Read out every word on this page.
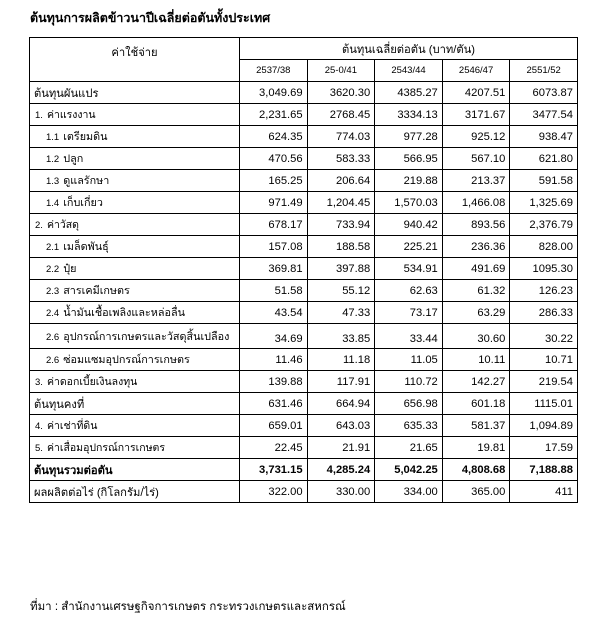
ต้นทุนการผลิตข้าวนาปีเฉลี่ยต่อตันทั้งประเทศ
ค่าใช้จ่าย	ต้นทุนเฉลี่ยต่อตัน (บาท/ตัน)				
	2537/38	25-0/41	2543/44	2546/47	2551/52
ต้นทุนผันแปร	3,049.69	3620.30	4385.27	4207.51	6073.87
1. ค่าแรงงาน	2,231.65	2768.45	3334.13	3171.67	3477.54
1.1 เตรียมดิน	624.35	774.03	977.28	925.12	938.47
1.2 ปลูก	470.56	583.33	566.95	567.10	621.80
1.3 ดูแลรักษา	165.25	206.64	219.88	213.37	591.58
1.4 เก็บเกี่ยว	971.49	1,204.45	1,570.03	1,466.08	1,325.69
2. ค่าวัสดุ	678.17	733.94	940.42	893.56	2,376.79
2.1 เมล็ดพันธุ์	157.08	188.58	225.21	236.36	828.00
2.2 ปุ๋ย	369.81	397.88	534.91	491.69	1095.30
2.3 สารเคมีเกษตร	51.58	55.12	62.63	61.32	126.23
2.4 น้ำมันเชื้อเพลิงและหล่อลื่น	43.54	47.33	73.17	63.29	286.33
2.6 อุปกรณ์การเกษตรและวัสดุสิ้นเปลือง	34.69	33.85	33.44	30.60	30.22
2.6 ซ่อมแซมอุปกรณ์การเกษตร	11.46	11.18	11.05	10.11	10.71
3. ค่าดอกเบี้ยเงินลงทุน	139.88	117.91	110.72	142.27	219.54
ต้นทุนคงที่	631.46	664.94	656.98	601.18	1115.01
4. ค่าเช่าที่ดิน	659.01	643.03	635.33	581.37	1,094.89
5. ค่าเสื่อมอุปกรณ์การเกษตร	22.45	21.91	21.65	19.81	17.59
ต้นทุนรวมต่อตัน	3,731.15	4,285.24	5,042.25	4,808.68	7,188.88
ผลผลิตต่อไร่ (กิโลกรัม/ไร่)	322.00	330.00	334.00	365.00	411
ที่มา : สำนักงานเศรษฐกิจการเกษตร กระทรวงเกษตรและสหกรณ์
